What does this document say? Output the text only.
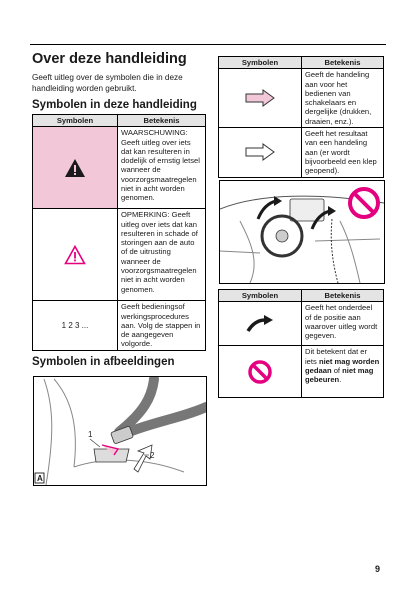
Over deze handleiding

Geeft uitleg over de symbolen die in deze handleiding worden gebruikt.

Symbolen in deze handleiding
Symbolen	Betekenis

	WAARSCHUWING: Geeft uitleg over iets dat kan resulteren in dodelijk of ernstig letsel wanneer de voorzorgsmaatregelen niet in acht worden genomen.

	OPMERKING: Geeft uitleg over iets dat kan resulteren in schade of storingen aan de auto of de uitrusting wanneer de voorzorgsmaatregelen niet in acht worden genomen.
1 2 3 ...	Geeft bedieningsof werkingsprocedures aan. Volg de stappen in de aangegeven volgorde.
Symbolen in afbeeldingen
1
2
A
Symbolen	Betekenis

	Geeft de handeling aan voor het bedienen van schakelaars en dergelijke (drukken, draaien, enz.).

	Geeft het resultaat van een handeling aan (er wordt bijvoorbeeld een klep geopend).
Symbolen	Betekenis

	Geeft het onderdeel of de positie aan waarover uitleg wordt gegeven.

	Dit betekent dat er iets niet mag worden gedaan of niet mag gebeuren.
9
